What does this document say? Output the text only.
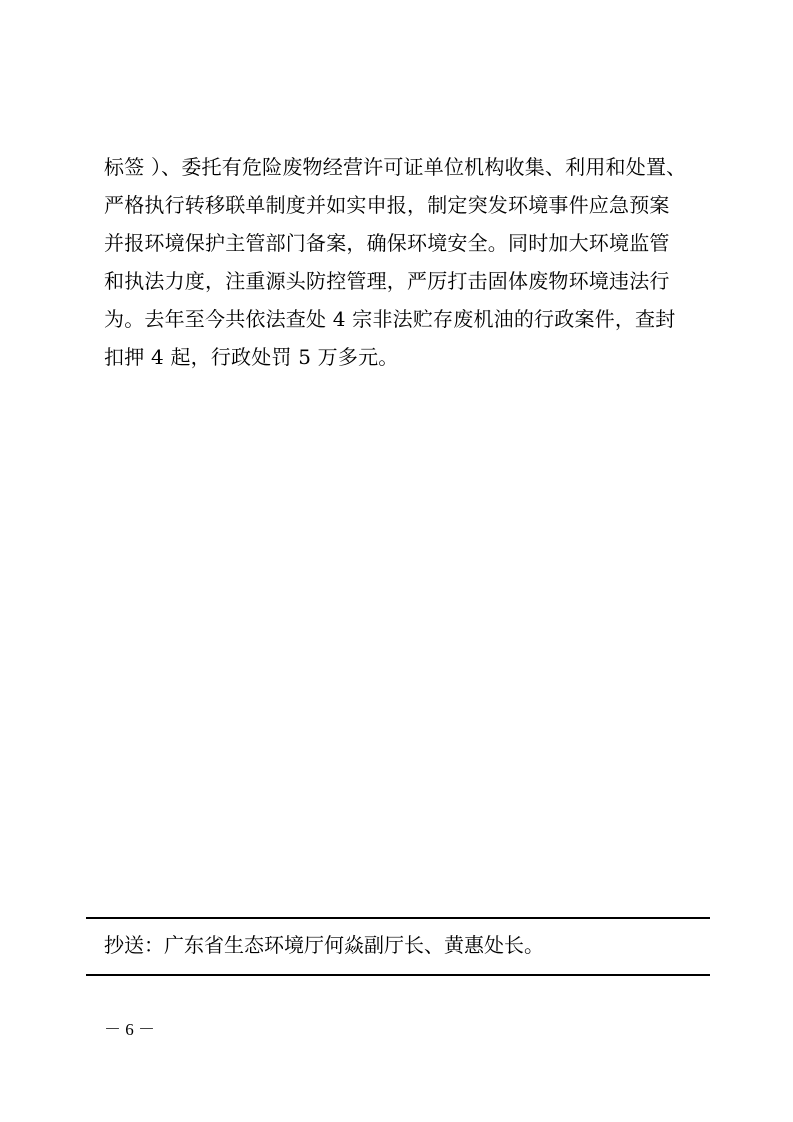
标签 ）、委托有危险废物经营许可证单位机构收集、利用和处置、
严格执行转移联单制度并如实申报，制定突发环境事件应急预案
并报环境保护主管部门备案，确保环境安全。同时加大环境监管
和执法力度，注重源头防控管理，严厉打击固体废物环境违法行
为。去年至今共依法查处 4 宗非法贮存废机油的行政案件，查封
扣押 4 起，行政处罚 5 万多元。
抄送：广东省生态环境厅何焱副厅长、黄惠处长。
－ 6 －
